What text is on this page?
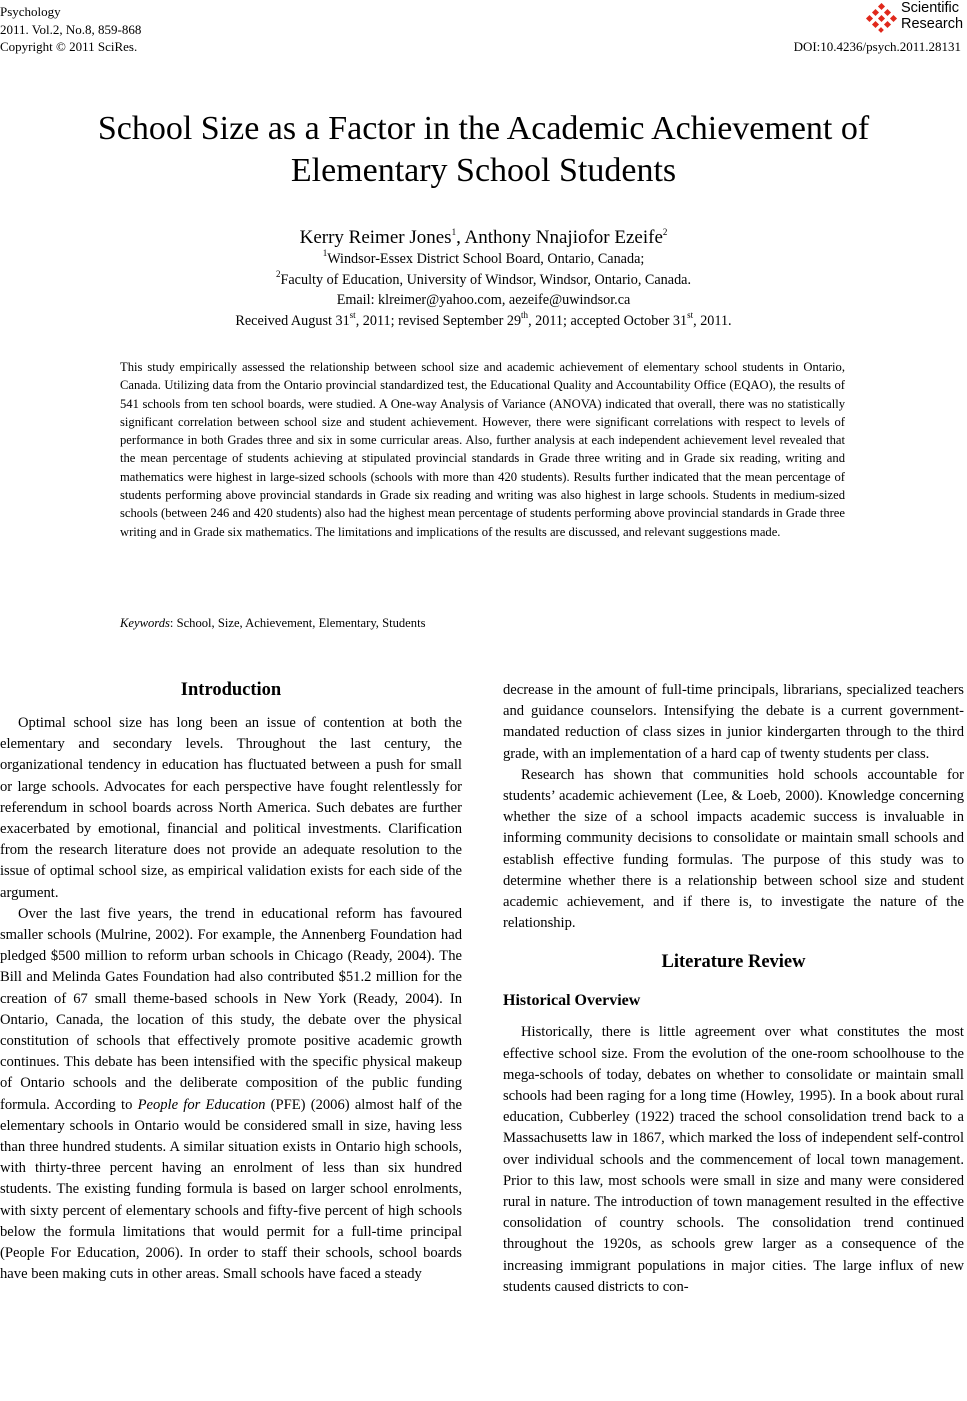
Psychology
2011. Vol.2, No.8, 859-868
Copyright © 2011 SciRes.
Scientific
Research
DOI:10.4236/psych.2011.28131
School Size as a Factor in the Academic Achievement of
Elementary School Students
Kerry Reimer Jones$^1$, Anthony Nnajiofor Ezeife$^2$
$^1$Windsor-Essex District School Board, Ontario, Canada;
$^2$Faculty of Education, University of Windsor, Windsor, Ontario, Canada.
Email: klreimer@yahoo.com, aezeife@uwindsor.ca
Received August 31st, 2011; revised September 29th, 2011; accepted October 31st, 2011.
This study empirically assessed the relationship between school size and academic achievement of elementary school students in Ontario, Canada. Utilizing data from the Ontario provincial standardized test, the Educational Quality and Accountability Office (EQAO), the results of 541 schools from ten school boards, were studied. A One-way Analysis of Variance (ANOVA) indicated that overall, there was no statistically significant correlation between school size and student achievement. However, there were significant correlations with respect to levels of performance in both Grades three and six in some curricular areas. Also, further analysis at each independent achievement level revealed that the mean percentage of students achieving at stipulated provincial standards in Grade three writing and in Grade six reading, writing and mathematics were highest in large-sized schools (schools with more than 420 students). Results further indicated that the mean percentage of students performing above provincial standards in Grade six reading and writing was also highest in large schools. Students in medium-sized schools (between 246 and 420 students) also had the highest mean percentage of students performing above provincial standards in Grade three writing and in Grade six mathematics. The limitations and implications of the results are discussed, and relevant suggestions made.
Keywords: School, Size, Achievement, Elementary, Students
Introduction

Optimal school size has long been an issue of contention at both the elementary and secondary levels. Throughout the last century, the organizational tendency in education has fluctuated between a push for small or large schools. Advocates for each perspective have fought relentlessly for referendum in school boards across North America. Such debates are further exacerbated by emotional, financial and political investments. Clarification from the research literature does not provide an adequate resolution to the issue of optimal school size, as empirical validation exists for each side of the argument.

Over the last five years, the trend in educational reform has favoured smaller schools (Mulrine, 2002). For example, the Annenberg Foundation had pledged $500 million to reform urban schools in Chicago (Ready, 2004). The Bill and Melinda Gates Foundation had also contributed $51.2 million for the creation of 67 small theme-based schools in New York (Ready, 2004). In Ontario, Canada, the location of this study, the debate over the physical constitution of schools that effectively promote positive academic growth continues. This debate has been intensified with the specific physical makeup of Ontario schools and the deliberate composition of the public funding formula. According to People for Education (PFE) (2006) almost half of the elementary schools in Ontario would be considered small in size, having less than three hundred students. A similar situation exists in Ontario high schools, with thirty-three percent having an enrolment of less than six hundred students. The existing funding formula is based on larger school enrolments, with sixty percent of elementary schools and fifty-five percent of high schools below the formula limitations that would permit for a full-time principal (People For Education, 2006). In order to staff their schools, school boards have been making cuts in other areas. Small schools have faced a steady

decrease in the amount of full-time principals, librarians, specialized teachers and guidance counselors. Intensifying the debate is a current government-mandated reduction of class sizes in junior kindergarten through to the third grade, with an implementation of a hard cap of twenty students per class.

Research has shown that communities hold schools accountable for students’ academic achievement (Lee, & Loeb, 2000). Knowledge concerning whether the size of a school impacts academic success is invaluable in informing community decisions to consolidate or maintain small schools and establish effective funding formulas. The purpose of this study was to determine whether there is a relationship between school size and student academic achievement, and if there is, to investigate the nature of the relationship.

Literature Review
Historical Overview

Historically, there is little agreement over what constitutes the most effective school size. From the evolution of the one-room schoolhouse to the mega-schools of today, debates on whether to consolidate or maintain small schools had been raging for a long time (Howley, 1995). In a book about rural education, Cubberley (1922) traced the school consolidation trend back to a Massachusetts law in 1867, which marked the loss of independent self-control over individual schools and the commencement of local town management. Prior to this law, most schools were small in size and many were considered rural in nature. The introduction of town management resulted in the effective consolidation of country schools. The consolidation trend continued throughout the 1920s, as schools grew larger as a consequence of the increasing immigrant populations in major cities. The large influx of new students caused districts to con-
